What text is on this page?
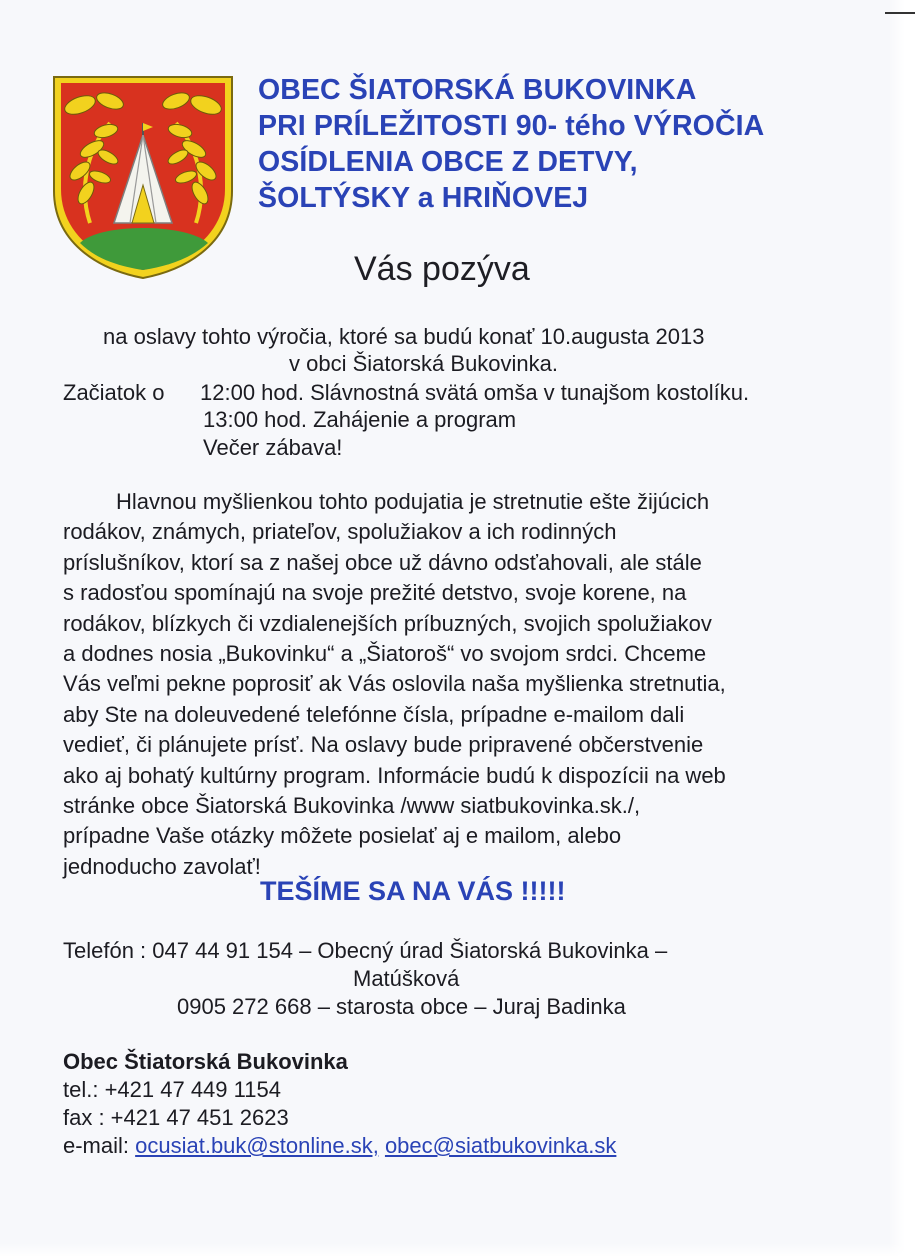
OBEC ŠIATORSKÁ BUKOVINKA
PRI PRÍLEŽITOSTI 90- tého VÝROČIA
OSÍDLENIA OBCE Z DETVY,
ŠOLTÝSKY a HRIŇOVEJ
Vás pozýva

na oslavy tohto výročia, ktoré sa budú konať 10.augusta 2013

v obci Šiatorská Bukovinka.

Začiatok o 12:00 hod. Slávnostná svätá omša v tunajšom kostolíku.

13:00 hod. Zahájenie a program

Večer zábava!

Hlavnou myšlienkou tohto podujatia je stretnutie ešte žijúcich
rodákov, známych, priateľov, spolužiakov a ich rodinných
príslušníkov, ktorí sa z našej obce už dávno odsťahovali, ale stále
s radosťou spomínajú na svoje prežité detstvo, svoje korene, na
rodákov, blízkych či vzdialenejších príbuzných, svojich spolužiakov
a dodnes nosia „Bukovinku“ a „Šiatoroš“ vo svojom srdci. Chceme
Vás veľmi pekne poprosiť ak Vás oslovila naša myšlienka stretnutia,
aby Ste na doleuvedené telefónne čísla, prípadne e-mailom dali
vedieť, či plánujete prísť. Na oslavy bude pripravené občerstvenie
ako aj bohatý kultúrny program. Informácie budú k dispozícii na web
stránke obce Šiatorská Bukovinka /www siatbukovinka.sk./,
prípadne Vaše otázky môžete posielať aj e mailom, alebo
jednoducho zavolať!
TEŠÍME SA NA VÁS !!!!!

Telefón : 047 44 91 154 – Obecný úrad Šiatorská Bukovinka –

Matúšková

0905 272 668 – starosta obce – Juraj Badinka

Obec Štiatorská Bukovinka

tel.: +421 47 449 1154

fax : +421 47 451 2623

e-mail: ocusiat.buk@stonline.sk, obec@siatbukovinka.sk
